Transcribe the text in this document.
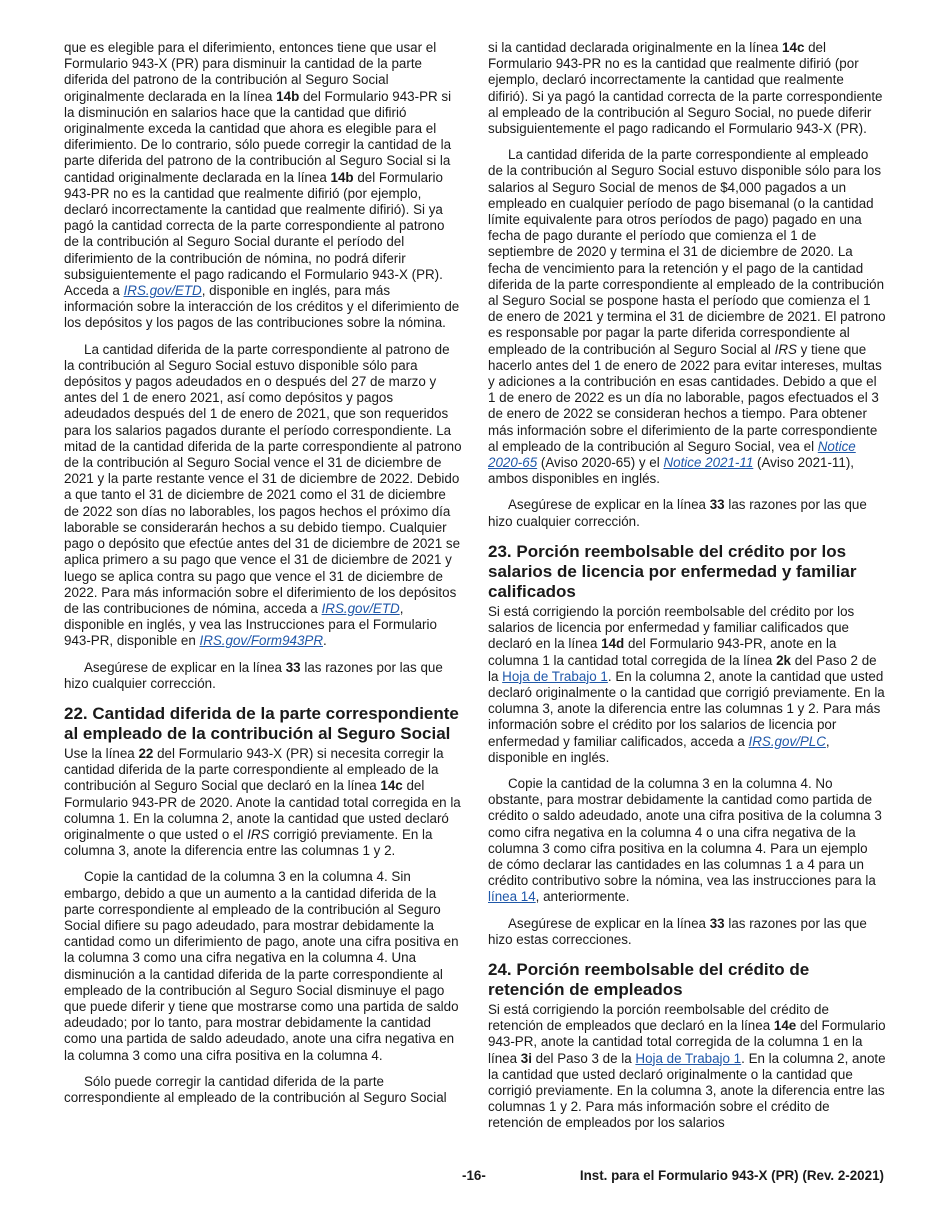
que es elegible para el diferimiento, entonces tiene que usar el Formulario 943-X (PR) para disminuir la cantidad de la parte diferida del patrono de la contribución al Seguro Social originalmente declarada en la línea 14b del Formulario 943-PR si la disminución en salarios hace que la cantidad que difirió originalmente exceda la cantidad que ahora es elegible para el diferimiento. De lo contrario, sólo puede corregir la cantidad de la parte diferida del patrono de la contribución al Seguro Social si la cantidad originalmente declarada en la línea 14b del Formulario 943-PR no es la cantidad que realmente difirió (por ejemplo, declaró incorrectamente la cantidad que realmente difirió). Si ya pagó la cantidad correcta de la parte correspondiente al patrono de la contribución al Seguro Social durante el período del diferimiento de la contribución de nómina, no podrá diferir subsiguientemente el pago radicando el Formulario 943-X (PR). Acceda a IRS.gov/ETD, disponible en inglés, para más información sobre la interacción de los créditos y el diferimiento de los depósitos y los pagos de las contribuciones sobre la nómina.

La cantidad diferida de la parte correspondiente al patrono de la contribución al Seguro Social estuvo disponible sólo para depósitos y pagos adeudados en o después del 27 de marzo y antes del 1 de enero 2021, así como depósitos y pagos adeudados después del 1 de enero de 2021, que son requeridos para los salarios pagados durante el período correspondiente. La mitad de la cantidad diferida de la parte correspondiente al patrono de la contribución al Seguro Social vence el 31 de diciembre de 2021 y la parte restante vence el 31 de diciembre de 2022. Debido a que tanto el 31 de diciembre de 2021 como el 31 de diciembre de 2022 son días no laborables, los pagos hechos el próximo día laborable se considerarán hechos a su debido tiempo. Cualquier pago o depósito que efectúe antes del 31 de diciembre de 2021 se aplica primero a su pago que vence el 31 de diciembre de 2021 y luego se aplica contra su pago que vence el 31 de diciembre de 2022. Para más información sobre el diferimiento de los depósitos de las contribuciones de nómina, acceda a IRS.gov/ETD, disponible en inglés, y vea las Instrucciones para el Formulario 943-PR, disponible en IRS.gov/Form943PR.

Asegúrese de explicar en la línea 33 las razones por las que hizo cualquier corrección.

22. Cantidad diferida de la parte correspondiente al empleado de la contribución al Seguro Social

Use la línea 22 del Formulario 943-X (PR) si necesita corregir la cantidad diferida de la parte correspondiente al empleado de la contribución al Seguro Social que declaró en la línea 14c del Formulario 943-PR de 2020. Anote la cantidad total corregida en la columna 1. En la columna 2, anote la cantidad que usted declaró originalmente o que usted o el IRS corrigió previamente. En la columna 3, anote la diferencia entre las columnas 1 y 2.

Copie la cantidad de la columna 3 en la columna 4. Sin embargo, debido a que un aumento a la cantidad diferida de la parte correspondiente al empleado de la contribución al Seguro Social difiere su pago adeudado, para mostrar debidamente la cantidad como un diferimiento de pago, anote una cifra positiva en la columna 3 como una cifra negativa en la columna 4. Una disminución a la cantidad diferida de la parte correspondiente al empleado de la contribución al Seguro Social disminuye el pago que puede diferir y tiene que mostrarse como una partida de saldo adeudado; por lo tanto, para mostrar debidamente la cantidad como una partida de saldo adeudado, anote una cifra negativa en la columna 3 como una cifra positiva en la columna 4.

Sólo puede corregir la cantidad diferida de la parte correspondiente al empleado de la contribución al Seguro Social

si la cantidad declarada originalmente en la línea 14c del Formulario 943-PR no es la cantidad que realmente difirió (por ejemplo, declaró incorrectamente la cantidad que realmente difirió). Si ya pagó la cantidad correcta de la parte correspondiente al empleado de la contribución al Seguro Social, no puede diferir subsiguientemente el pago radicando el Formulario 943-X (PR).

La cantidad diferida de la parte correspondiente al empleado de la contribución al Seguro Social estuvo disponible sólo para los salarios al Seguro Social de menos de $4,000 pagados a un empleado en cualquier período de pago bisemanal (o la cantidad límite equivalente para otros períodos de pago) pagado en una fecha de pago durante el período que comienza el 1 de septiembre de 2020 y termina el 31 de diciembre de 2020. La fecha de vencimiento para la retención y el pago de la cantidad diferida de la parte correspondiente al empleado de la contribución al Seguro Social se pospone hasta el período que comienza el 1 de enero de 2021 y termina el 31 de diciembre de 2021. El patrono es responsable por pagar la parte diferida correspondiente al empleado de la contribución al Seguro Social al IRS y tiene que hacerlo antes del 1 de enero de 2022 para evitar intereses, multas y adiciones a la contribución en esas cantidades. Debido a que el 1 de enero de 2022 es un día no laborable, pagos efectuados el 3 de enero de 2022 se consideran hechos a tiempo. Para obtener más información sobre el diferimiento de la parte correspondiente al empleado de la contribución al Seguro Social, vea el Notice 2020-65 (Aviso 2020-65) y el Notice 2021-11 (Aviso 2021-11), ambos disponibles en inglés.

Asegúrese de explicar en la línea 33 las razones por las que hizo cualquier corrección.

23. Porción reembolsable del crédito por los salarios de licencia por enfermedad y familiar calificados

Si está corrigiendo la porción reembolsable del crédito por los salarios de licencia por enfermedad y familiar calificados que declaró en la línea 14d del Formulario 943-PR, anote en la columna 1 la cantidad total corregida de la línea 2k del Paso 2 de la Hoja de Trabajo 1. En la columna 2, anote la cantidad que usted declaró originalmente o la cantidad que corrigió previamente. En la columna 3, anote la diferencia entre las columnas 1 y 2. Para más información sobre el crédito por los salarios de licencia por enfermedad y familiar calificados, acceda a IRS.gov/PLC, disponible en inglés.

Copie la cantidad de la columna 3 en la columna 4. No obstante, para mostrar debidamente la cantidad como partida de crédito o saldo adeudado, anote una cifra positiva de la columna 3 como cifra negativa en la columna 4 o una cifra negativa de la columna 3 como cifra positiva en la columna 4. Para un ejemplo de cómo declarar las cantidades en las columnas 1 a 4 para un crédito contributivo sobre la nómina, vea las instrucciones para la línea 14, anteriormente.

Asegúrese de explicar en la línea 33 las razones por las que hizo estas correcciones.

24. Porción reembolsable del crédito de retención de empleados

Si está corrigiendo la porción reembolsable del crédito de retención de empleados que declaró en la línea 14e del Formulario 943-PR, anote la cantidad total corregida de la columna 1 en la línea 3i del Paso 3 de la Hoja de Trabajo 1. En la columna 2, anote la cantidad que usted declaró originalmente o la cantidad que corrigió previamente. En la columna 3, anote la diferencia entre las columnas 1 y 2. Para más información sobre el crédito de retención de empleados por los salarios

-16-	Inst. para el Formulario 943-X (PR) (Rev. 2-2021)
